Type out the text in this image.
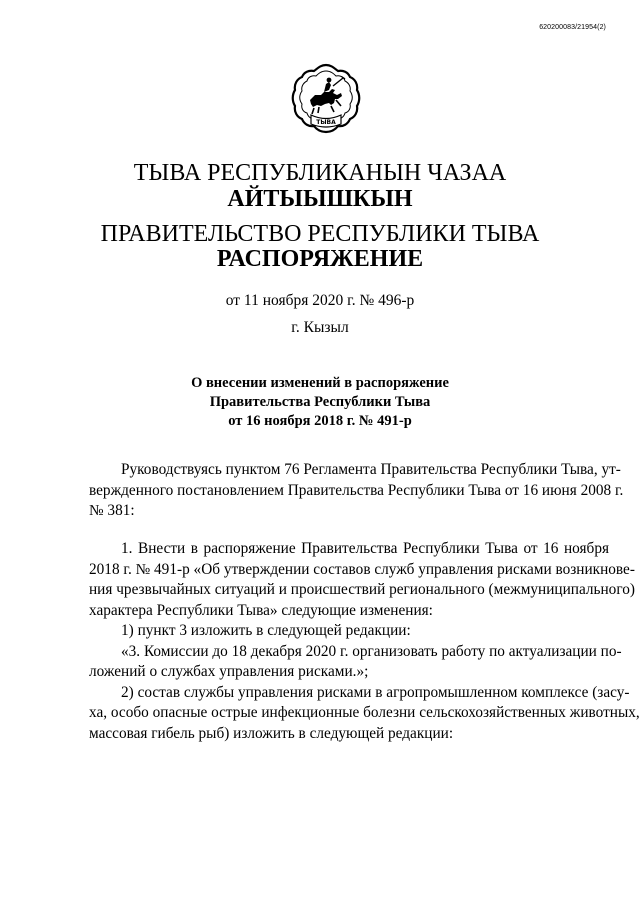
620200083/21954(2)
ТЫВА
ТЫВА РЕСПУБЛИКАНЫН ЧАЗАА
АЙТЫЫШКЫН
ПРАВИТЕЛЬСТВО РЕСПУБЛИКИ ТЫВА
РАСПОРЯЖЕНИЕ
от 11 ноября 2020 г. № 496-р
г. Кызыл
О внесении изменений в распоряжение
Правительства Республики Тыва
от 16 ноября 2018 г. № 491-р
Руководствуясь пунктом 76 Регламента Правительства Республики Тыва, ут-
вержденного постановлением Правительства Республики Тыва от 16 июня 2008 г.
№ 381:
1. Внести в распоряжение Правительства Республики Тыва от 16 ноября
2018 г. № 491-р «Об утверждении составов служб управления рисками возникнове-
ния чрезвычайных ситуаций и происшествий регионального (межмуниципального)
характера Республики Тыва» следующие изменения:
1) пункт 3 изложить в следующей редакции:
«3. Комиссии до 18 декабря 2020 г. организовать работу по актуализации по-
ложений о службах управления рисками.»;
2) состав службы управления рисками в агропромышленном комплексе (засу-
ха, особо опасные острые инфекционные болезни сельскохозяйственных животных,
массовая гибель рыб) изложить в следующей редакции:
